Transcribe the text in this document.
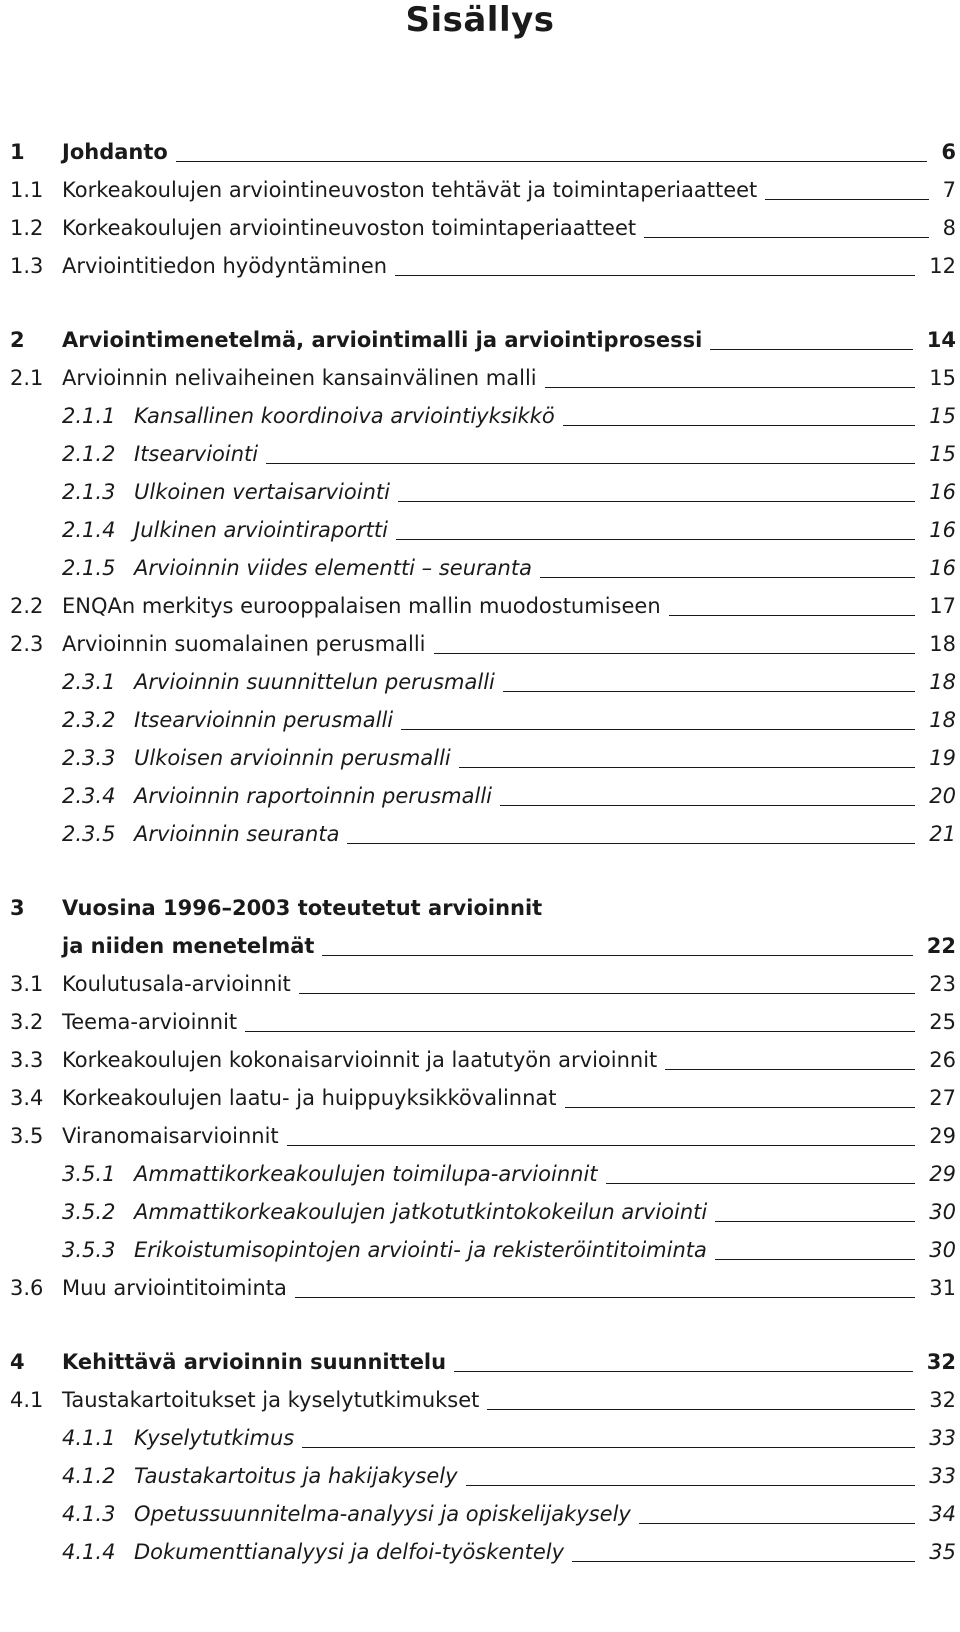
Sisällys
1 Johdanto	6
1.1 Korkeakoulujen arviointineuvoston tehtävät ja toimintaperiaatteet	7
1.2 Korkeakoulujen arviointineuvoston toimintaperiaatteet	8
1.3 Arviointitiedon hyödyntäminen	12
2 Arviointimenetelmä, arviointimalli ja arviointiprosessi	14
2.1 Arvioinnin nelivaiheinen kansainvälinen malli	15
2.1.1 Kansallinen koordinoiva arviointiyksikkö	15
2.1.2 Itsearviointi	15
2.1.3 Ulkoinen vertaisarviointi	16
2.1.4 Julkinen arviointiraportti	16
2.1.5 Arvioinnin viides elementti – seuranta	16
2.2 ENQAn merkitys eurooppalaisen mallin muodostumiseen	17
2.3 Arvioinnin suomalainen perusmalli	18
2.3.1 Arvioinnin suunnittelun perusmalli	18
2.3.2 Itsearvioinnin perusmalli	18
2.3.3 Ulkoisen arvioinnin perusmalli	19
2.3.4 Arvioinnin raportoinnin perusmalli	20
2.3.5 Arvioinnin seuranta	21
3 Vuosina 1996–2003 toteutetut arvioinnit
ja niiden menetelmät	22
3.1 Koulutusala-arvioinnit	23
3.2 Teema-arvioinnit	25
3.3 Korkeakoulujen kokonaisarvioinnit ja laatutyön arvioinnit	26
3.4 Korkeakoulujen laatu- ja huippuyksikkövalinnat	27
3.5 Viranomaisarvioinnit	29
3.5.1 Ammattikorkeakoulujen toimilupa-arvioinnit	29
3.5.2 Ammattikorkeakoulujen jatkotutkintokokeilun arviointi	30
3.5.3 Erikoistumisopintojen arviointi- ja rekisteröintitoiminta	30
3.6 Muu arviointitoiminta	31
4 Kehittävä arvioinnin suunnittelu	32
4.1 Taustakartoitukset ja kyselytutkimukset	32
4.1.1 Kyselytutkimus	33
4.1.2 Taustakartoitus ja hakijakysely	33
4.1.3 Opetussuunnitelma-analyysi ja opiskelijakysely	34
4.1.4 Dokumenttianalyysi ja delfoi-työskentely	35
